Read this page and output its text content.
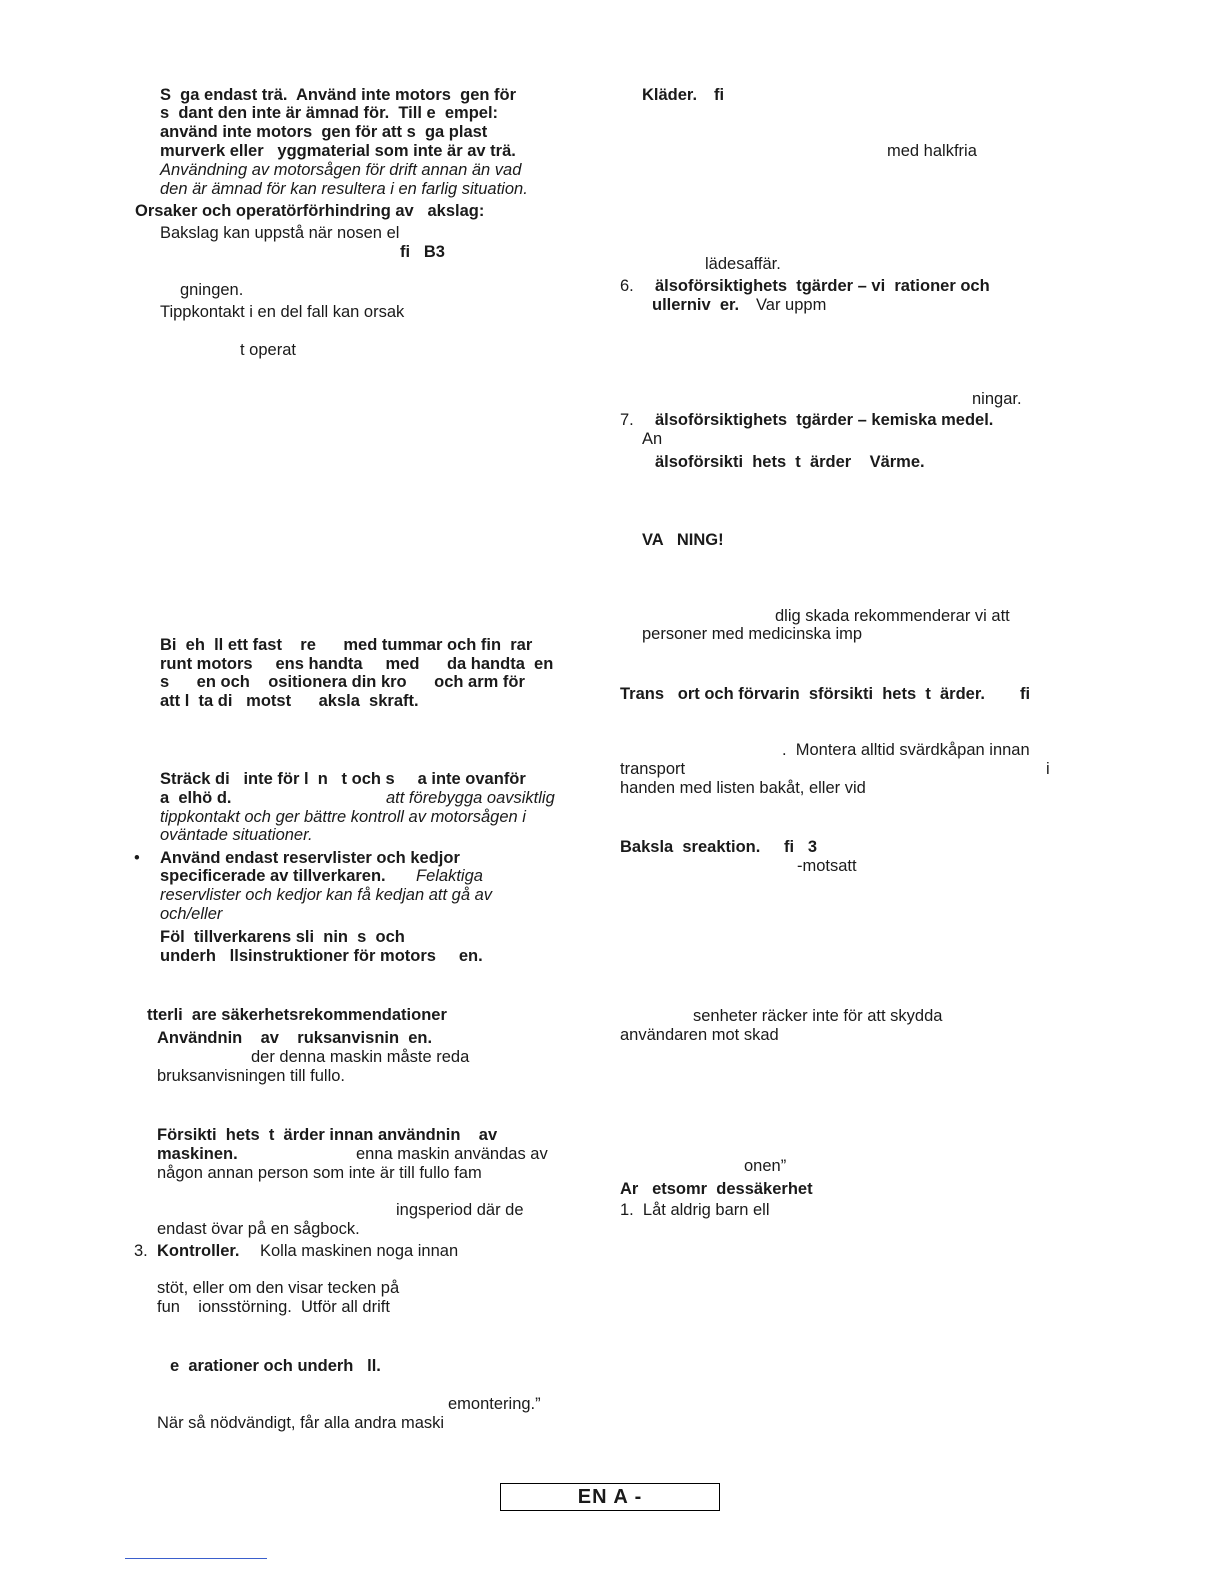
S  ga endast trä.  Använd inte motors  gen för
s  dant den inte är ämnad för.  Till e  empel:
använd inte motors  gen för att s  ga plast
murverk eller   yggmaterial som inte är av trä.
Användning av motorsågen för drift annan än vad
den är ämnad för kan resultera i en farlig situation.
Orsaker och operatörförhindring av   akslag:
Bakslag kan uppstå när nosen el
fi   B3
gningen.
Tippkontakt i en del fall kan orsak
t operat
Bi  eh  ll ett fast    re      med tummar och fin  rar
runt motors     ens handta     med      da handta  en
s      en och    ositionera din kro      och arm för
att l  ta di   motst      aksla  skraft.
Sträck di   inte för l  n   t och s     a inte ovanför
a  elhö d.	att förebygga oavsiktlig
tippkontakt och ger bättre kontroll av motorsågen i
oväntade situationer.
• Använd endast reservlister och kedjor
specificerade av tillverkaren. Felaktiga
reservlister och kedjor kan få kedjan att gå av
och/eller
Föl  tillverkarens sli  nin  s  och
underh   llsinstruktioner för motors     en.
tterli  are säkerhetsrekommendationer
Användnin    av    ruksanvisnin  en.
der denna maskin måste reda
bruksanvisningen till fullo.
Försikti  hets  t  ärder innan användnin    av
maskinen.	enna maskin användas av
någon annan person som inte är till fullo fam
ingsperiod där de
endast övar på en sågbock.
3. Kontroller. Kolla maskinen noga innan
stöt, eller om den visar tecken på
fun    ionsstörning.  Utför all drift
e  arationer och underh   ll.
emontering.”
När så nödvändigt, får alla andra maski
Kläder. fi
med halkfria
lädesaffär.
6. älsoförsiktighets  tgärder – vi  rationer och
ullerniv  er. Var uppm
ningar.
7. älsoförsiktighets  tgärder – kemiska medel.
An
älsoförsikti  hets  t  ärder    Värme.
VA   NING!
dlig skada rekommenderar vi att
personer med medicinska imp
Trans   ort och förvarin  sförsikti  hets  t  ärder. fi
.  Montera alltid svärdkåpan innan
transport	i
handen med listen bakåt, eller vid
Baksla  sreaktion. fi   3
-motsatt
senheter räcker inte för att skydda
användaren mot skad
onen”
Ar   etsomr  dessäkerhet
1.  Låt aldrig barn ell
EN A -
